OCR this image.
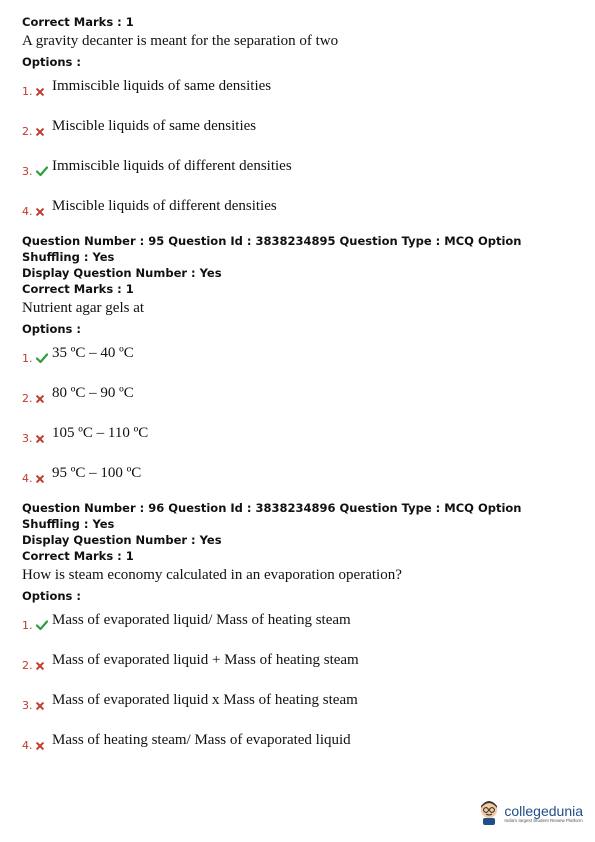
Correct Marks : 1
A gravity decanter is meant for the separation of two
Options :
1. Immiscible liquids of same densities
2. Miscible liquids of same densities
3. Immiscible liquids of different densities
4. Miscible liquids of different densities
Question Number : 95 Question Id : 3838234895 Question Type : MCQ Option Shuffling : Yes
Display Question Number : Yes
Correct Marks : 1
Nutrient agar gels at
Options :
1. 35 ºC – 40 ºC
2. 80 ºC – 90 ºC
3. 105 ºC – 110 ºC
4. 95 ºC – 100 ºC
Question Number : 96 Question Id : 3838234896 Question Type : MCQ Option Shuffling : Yes
Display Question Number : Yes
Correct Marks : 1
How is steam economy calculated in an evaporation operation?
Options :
1. Mass of evaporated liquid/ Mass of heating steam
2. Mass of evaporated liquid + Mass of heating steam
3. Mass of evaporated liquid x Mass of heating steam
4. Mass of heating steam/ Mass of evaporated liquid
collegedunia
India's largest Student Review Platform
